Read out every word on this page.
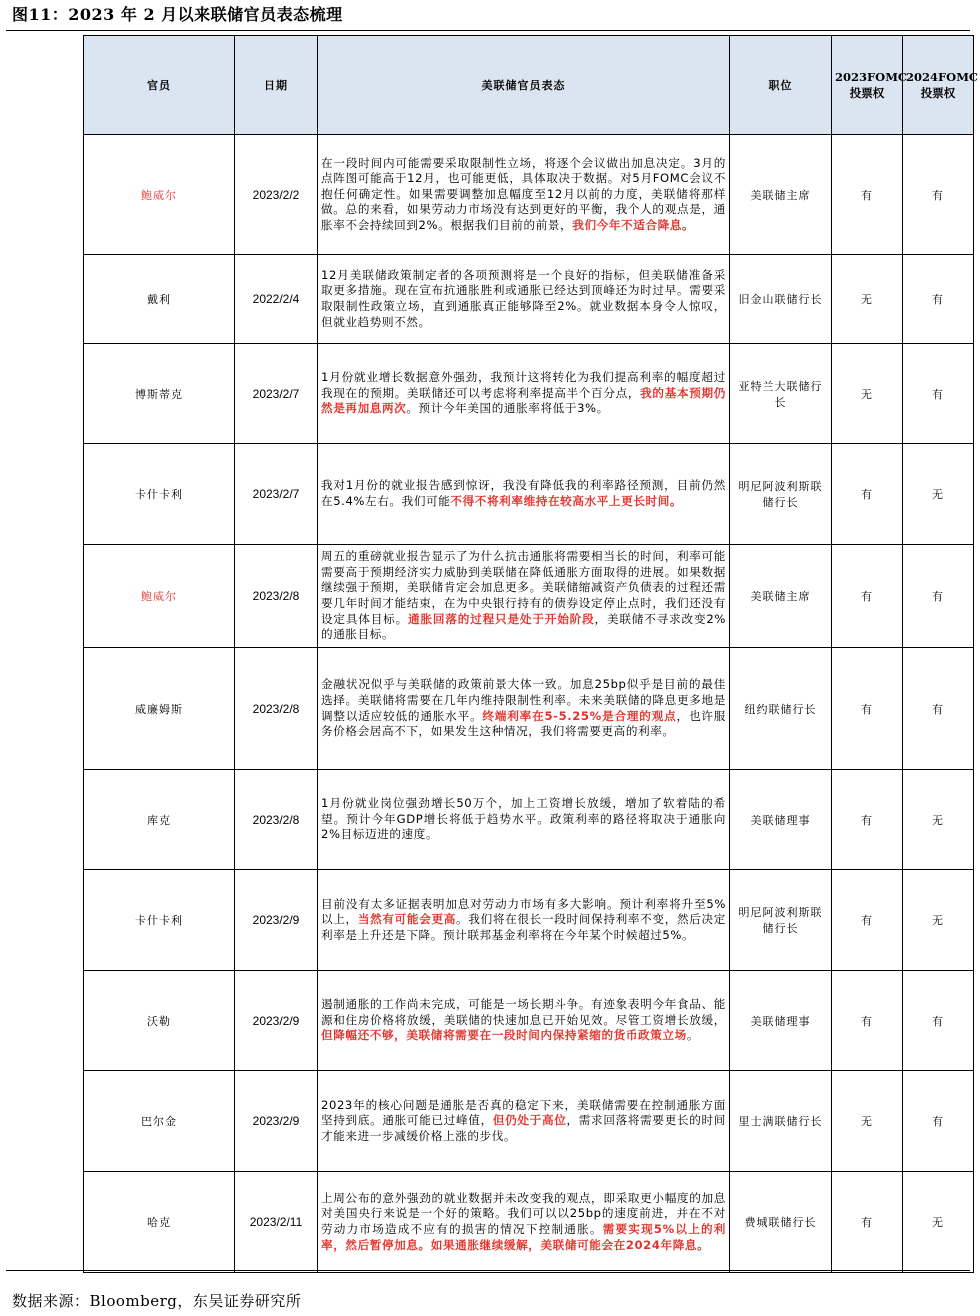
图11：2023 年 2 月以来联储官员表态梳理
官员	日期	美联储官员表态	职位	2023FOMC投票权	2024FOMC投票权
鲍威尔	2023/2/2	在一段时间内可能需要采取限制性立场，将逐个会议做出加息决定。3月的点阵图可能高于12月，也可能更低，具体取决于数据。对5月FOMC会议不抱任何确定性。如果需要调整加息幅度至12月以前的力度，美联储将那样做。总的来看，如果劳动力市场没有达到更好的平衡，我个人的观点是，通胀率不会持续回到2%。根据我们目前的前景，我们今年不适合降息。	美联储主席	有	有
戴利	2022/2/4	12月美联储政策制定者的各项预测将是一个良好的指标，但美联储准备采取更多措施。现在宣布抗通胀胜利或通胀已经达到顶峰还为时过早。需要采取限制性政策立场，直到通胀真正能够降至2%。就业数据本身令人惊叹，但就业趋势则不然。	旧金山联储行长	无	有
博斯蒂克	2023/2/7	1月份就业增长数据意外强劲，我预计这将转化为我们提高利率的幅度超过我现在的预期。美联储还可以考虑将利率提高半个百分点，我的基本预期仍然是再加息两次。预计今年美国的通胀率将低于3%。	亚特兰大联储行长	无	有
卡什卡利	2023/2/7	我对1月份的就业报告感到惊讶，我没有降低我的利率路径预测，目前仍然在5.4%左右。我们可能不得不将利率维持在较高水平上更长时间。	明尼阿波利斯联储行长	有	无
鲍威尔	2023/2/8	周五的重磅就业报告显示了为什么抗击通胀将需要相当长的时间，利率可能需要高于预期经济实力威胁到美联储在降低通胀方面取得的进展。如果数据继续强于预期，美联储肯定会加息更多。美联储缩减资产负债表的过程还需要几年时间才能结束，在为中央银行持有的债券设定停止点时，我们还没有设定具体目标。通胀回落的过程只是处于开始阶段，美联储不寻求改变2%的通胀目标。	美联储主席	有	有
威廉姆斯	2023/2/8	金融状况似乎与美联储的政策前景大体一致。加息25bp似乎是目前的最佳选择。美联储将需要在几年内维持限制性利率。未来美联储的降息更多地是调整以适应较低的通胀水平。终端利率在5-5.25%是合理的观点，也许服务价格会居高不下，如果发生这种情况，我们将需要更高的利率。	纽约联储行长	有	有
库克	2023/2/8	1月份就业岗位强劲增长50万个，加上工资增长放缓，增加了软着陆的希望。预计今年GDP增长将低于趋势水平。政策利率的路径将取决于通胀向2%目标迈进的速度。	美联储理事	有	无
卡什卡利	2023/2/9	目前没有太多证据表明加息对劳动力市场有多大影响。预计利率将升至5%以上，当然有可能会更高。我们将在很长一段时间保持利率不变，然后决定利率是上升还是下降。预计联邦基金利率将在今年某个时候超过5%。	明尼阿波利斯联储行长	有	无
沃勒	2023/2/9	遏制通胀的工作尚未完成，可能是一场长期斗争。有迹象表明今年食品、能源和住房价格将放缓，美联储的快速加息已开始见效。尽管工资增长放缓，但降幅还不够，美联储将需要在一段时间内保持紧缩的货币政策立场。	美联储理事	有	有
巴尔金	2023/2/9	2023年的核心问题是通胀是否真的稳定下来，美联储需要在控制通胀方面坚持到底。通胀可能已过峰值，但仍处于高位，需求回落将需要更长的时间才能来进一步减缓价格上涨的步伐。	里士满联储行长	无	有
哈克	2023/2/11	上周公布的意外强劲的就业数据并未改变我的观点，即采取更小幅度的加息对美国央行来说是一个好的策略。我们可以以25bp的速度前进，并在不对劳动力市场造成不应有的损害的情况下控制通胀。需要实现5%以上的利率，然后暂停加息。如果通胀继续缓解，美联储可能会在2024年降息。	费城联储行长	有	无
数据来源：Bloomberg，东吴证券研究所
